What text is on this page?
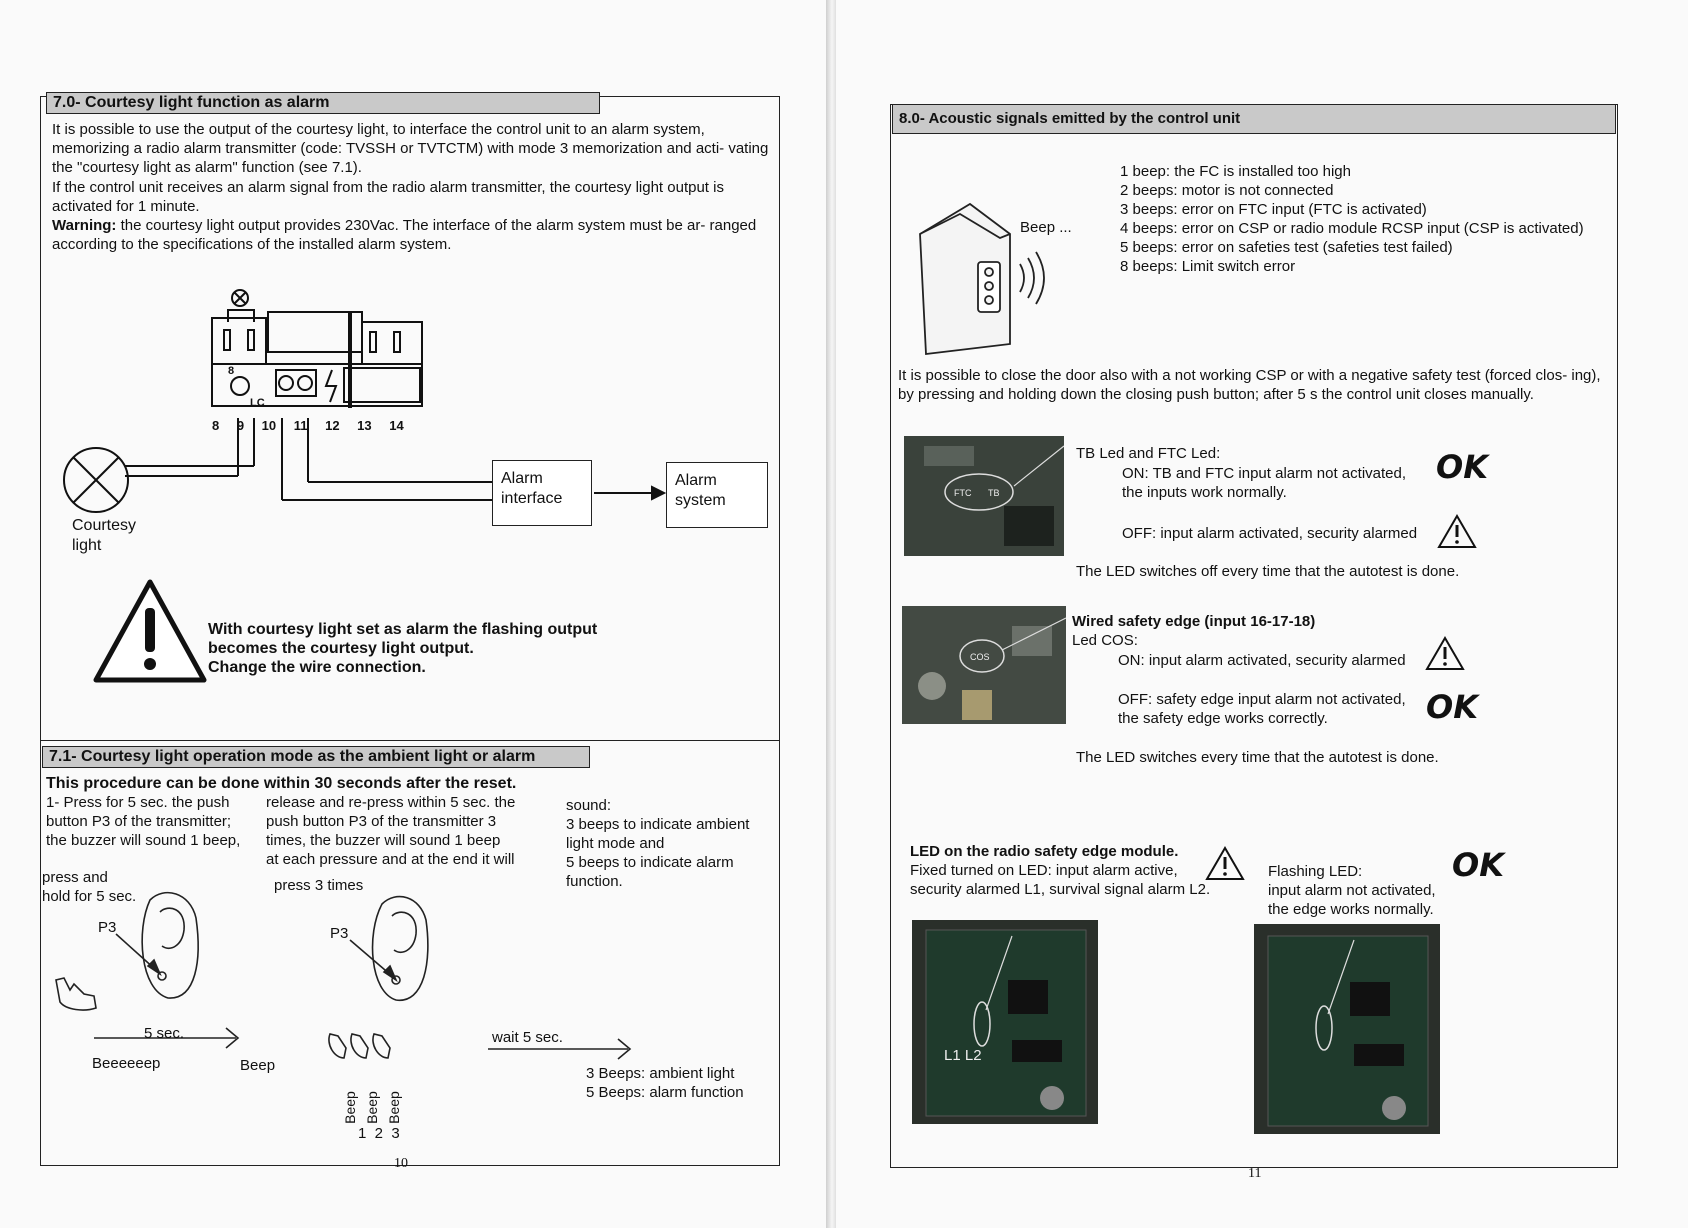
7.0- Courtesy light function as alarm
It is possible to use the output of the courtesy light, to interface the control unit to an alarm system, memorizing a radio alarm transmitter (code: TVSSH or TVTCTM) with mode 3 memorization and acti- vating the "courtesy light as alarm" function (see 7.1).
If the control unit receives an alarm signal from the radio alarm transmitter, the courtesy light output is activated for 1 minute.
Warning: the courtesy light output provides 230Vac. The interface of the alarm system must be ar- ranged according to the specifications of the installed alarm system.
8
LC
8 9 10 11 12 13 14
Courtesy
light
Alarm
interface
Alarm
system
With courtesy light set as alarm the flashing output
becomes the courtesy light output.
Change the wire connection.
7.1- Courtesy light operation mode as the ambient light or alarm
This procedure can be done within 30 seconds after the reset.
1- Press for 5 sec. the push
button P3 of the transmitter;
the buzzer will sound 1 beep,
release and re-press within 5 sec. the
push button P3 of the transmitter 3
times, the buzzer will sound 1 beep
at each pressure and at the end it will
sound:
3 beeps to indicate ambient
light mode and
5 beeps to indicate alarm
function.
press and
hold for 5 sec.
P3
press 3 times
P3
5 sec.
Beeeeeep	Beep
Beep Beep Beep
1  2  3
wait 5 sec.
3 Beeps: ambient light
5 Beeps: alarm function
10
8.0- Acoustic signals emitted by the control unit
Beep ...
1 beep: the FC is installed too high
2 beeps: motor is not connected
3 beeps: error on FTC input (FTC is activated)
4 beeps: error on CSP or radio module RCSP input (CSP is activated)
5 beeps: error on safeties test (safeties test failed)
8 beeps: Limit switch error
It is possible to close the door also with a not working CSP or with a negative safety test (forced clos- ing), by pressing and holding down the closing push button; after 5 s the control unit closes manually.
FTC TB
TB Led and FTC Led:
ON: TB and FTC input alarm not activated,
the inputs work normally.
OK
OFF: input alarm activated, security alarmed
The LED switches off every time that the autotest is done.
COS
Wired safety edge (input 16-17-18)
Led COS:
ON: input alarm activated, security alarmed
OFF: safety edge input alarm not activated,
the safety edge works correctly.	OK
The LED switches every time that the autotest is done.
LED on the radio safety edge module.
Fixed turned on LED: input alarm active,
security alarmed L1, survival signal alarm L2.
Flashing LED:
input alarm not activated,
the edge works normally.
OK
L1 L2
11
